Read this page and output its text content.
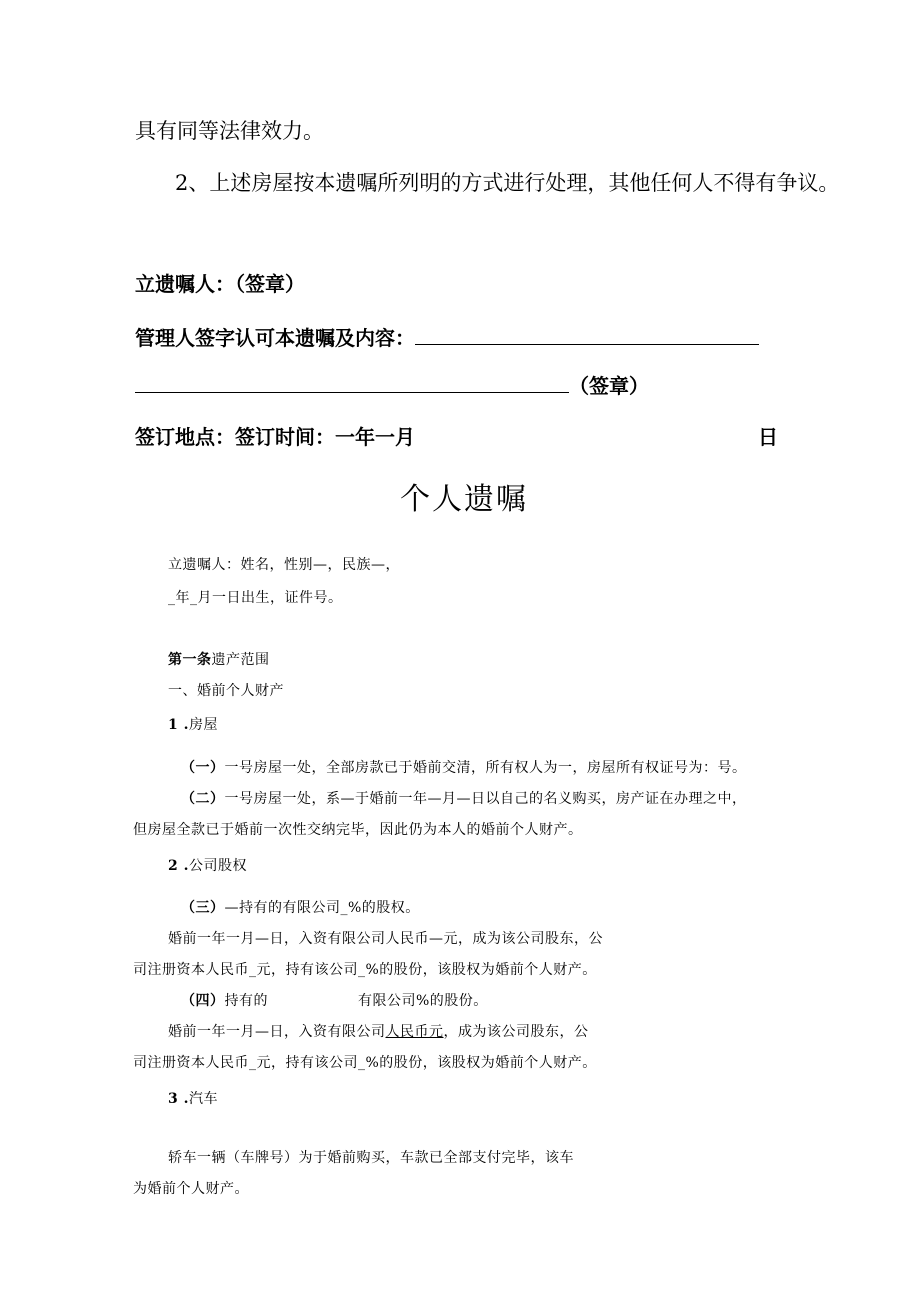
具有同等法律效力。
2、上述房屋按本遗嘱所列明的方式进行处理，其他任何人不得有争议。
立遗嘱人：（签章）
管理人签字认可本遗嘱及内容：
（签章）
签订地点：签订时间：一年一月	日
个人遗嘱
立遗嘱人：姓名，性别—，民族—，
_年_月一日出生，证件号。
第一条遗产范围
一、婚前个人财产
1 .房屋
（一）一号房屋一处，全部房款已于婚前交清，所有权人为一，房屋所有权证号为：号。
（二）一号房屋一处，系—于婚前一年—月—日以自己的名义购买，房产证在办理之中，
但房屋全款已于婚前一次性交纳完毕，因此仍为本人的婚前个人财产。
2 .公司股权
（三）—持有的有限公司_%的股权。
婚前一年一月—日，入资有限公司人民币—元，成为该公司股东，公
司注册资本人民币_元，持有该公司_%的股份，该股权为婚前个人财产。
（四）持有的	有限公司%的股份。
婚前一年一月—日，入资有限公司人民币元，成为该公司股东，公
司注册资本人民币_元，持有该公司_%的股份，该股权为婚前个人财产。
3 .汽车
轿车一辆（车牌号）为于婚前购买，车款已全部支付完毕，该车
为婚前个人财产。
